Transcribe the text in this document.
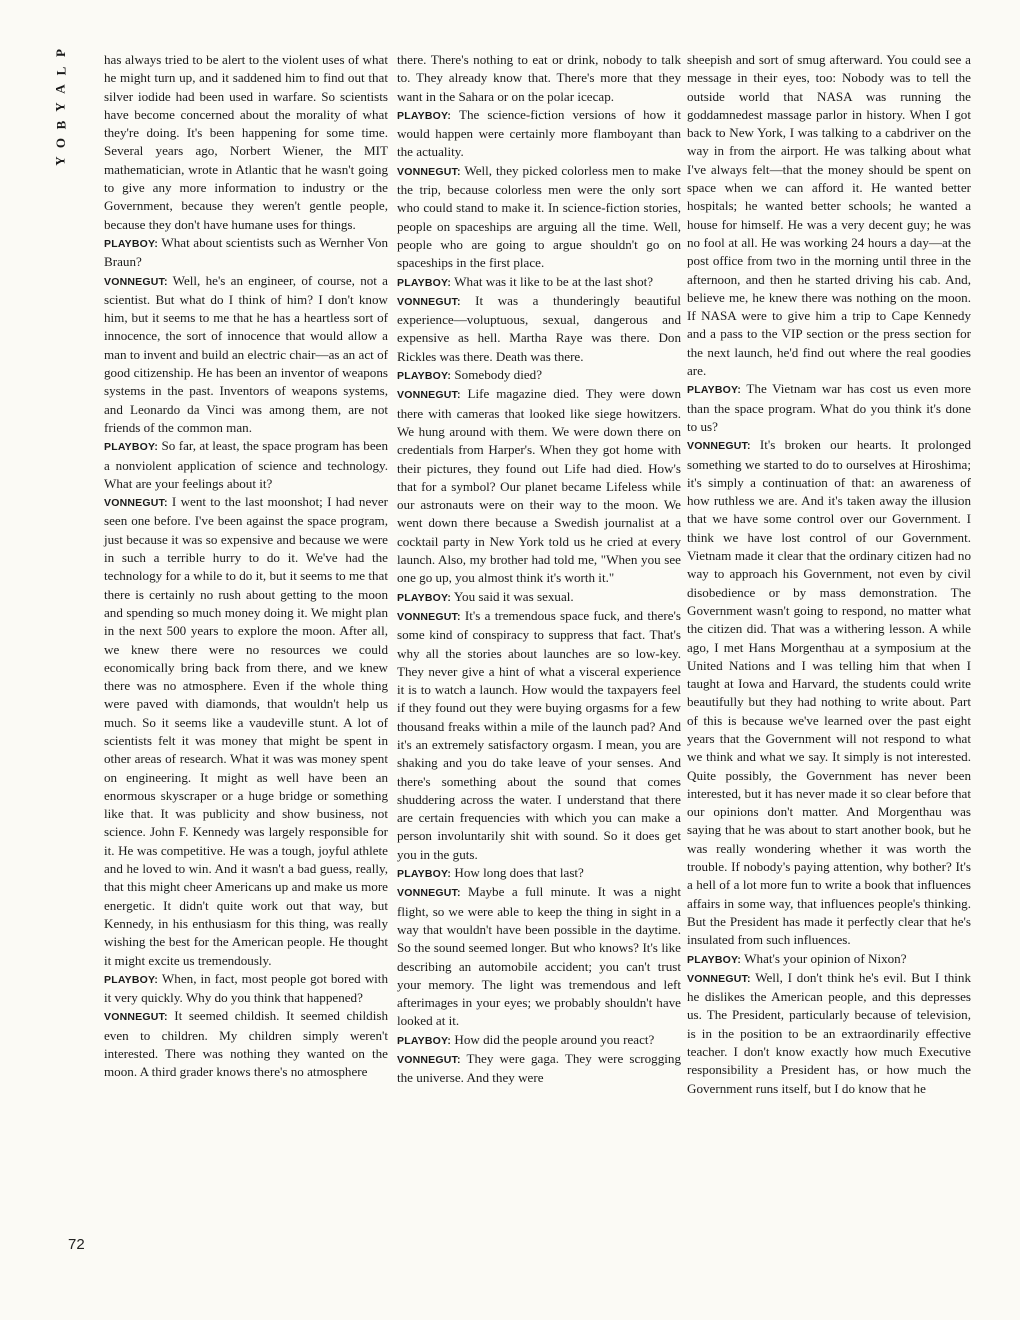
P
L
A
Y
B
O
Y

has always tried to be alert to the violent uses of what he might turn up, and it saddened him to find out that silver iodide had been used in warfare. So scientists have become concerned about the morality of what they're doing. It's been happening for some time. Several years ago, Norbert Wiener, the MIT mathematician, wrote in Atlantic that he wasn't going to give any more information to industry or the Government, because they weren't gentle people, because they don't have humane uses for things.

PLAYBOY: What about scientists such as Wernher Von Braun?

VONNEGUT: Well, he's an engineer, of course, not a scientist. But what do I think of him? I don't know him, but it seems to me that he has a heartless sort of innocence, the sort of innocence that would allow a man to invent and build an electric chair—as an act of good citizenship. He has been an inventor of weapons systems in the past. Inventors of weapons systems, and Leonardo da Vinci was among them, are not friends of the common man.

PLAYBOY: So far, at least, the space program has been a nonviolent application of science and technology. What are your feelings about it?

VONNEGUT: I went to the last moonshot; I had never seen one before. I've been against the space program, just because it was so expensive and because we were in such a terrible hurry to do it. We've had the technology for a while to do it, but it seems to me that there is certainly no rush about getting to the moon and spending so much money doing it. We might plan in the next 500 years to explore the moon. After all, we knew there were no resources we could economically bring back from there, and we knew there was no atmosphere. Even if the whole thing were paved with diamonds, that wouldn't help us much. So it seems like a vaudeville stunt. A lot of scientists felt it was money that might be spent in other areas of research. What it was was money spent on engineering. It might as well have been an enormous skyscraper or a huge bridge or something like that. It was publicity and show business, not science. John F. Kennedy was largely responsible for it. He was competitive. He was a tough, joyful athlete and he loved to win. And it wasn't a bad guess, really, that this might cheer Americans up and make us more energetic. It didn't quite work out that way, but Kennedy, in his enthusiasm for this thing, was really wishing the best for the American people. He thought it might excite us tremendously.

PLAYBOY: When, in fact, most people got bored with it very quickly. Why do you think that happened?

VONNEGUT: It seemed childish. It seemed childish even to children. My children simply weren't interested. There was nothing they wanted on the moon. A third grader knows there's no atmosphere

there. There's nothing to eat or drink, nobody to talk to. They already know that. There's more that they want in the Sahara or on the polar icecap.

PLAYBOY: The science-fiction versions of how it would happen were certainly more flamboyant than the actuality.

VONNEGUT: Well, they picked colorless men to make the trip, because colorless men were the only sort who could stand to make it. In science-fiction stories, people on spaceships are arguing all the time. Well, people who are going to argue shouldn't go on spaceships in the first place.

PLAYBOY: What was it like to be at the last shot?

VONNEGUT: It was a thunderingly beautiful experience—voluptuous, sexual, dangerous and expensive as hell. Martha Raye was there. Don Rickles was there. Death was there.

PLAYBOY: Somebody died?

VONNEGUT: Life magazine died. They were down there with cameras that looked like siege howitzers. We hung around with them. We were down there on credentials from Harper's. When they got home with their pictures, they found out Life had died. How's that for a symbol? Our planet became Lifeless while our astronauts were on their way to the moon. We went down there because a Swedish journalist at a cocktail party in New York told us he cried at every launch. Also, my brother had told me, "When you see one go up, you almost think it's worth it."

PLAYBOY: You said it was sexual.

VONNEGUT: It's a tremendous space fuck, and there's some kind of conspiracy to suppress that fact. That's why all the stories about launches are so low-key. They never give a hint of what a visceral experience it is to watch a launch. How would the taxpayers feel if they found out they were buying orgasms for a few thousand freaks within a mile of the launch pad? And it's an extremely satisfactory orgasm. I mean, you are shaking and you do take leave of your senses. And there's something about the sound that comes shuddering across the water. I understand that there are certain frequencies with which you can make a person involuntarily shit with sound. So it does get you in the guts.

PLAYBOY: How long does that last?

VONNEGUT: Maybe a full minute. It was a night flight, so we were able to keep the thing in sight in a way that wouldn't have been possible in the daytime. So the sound seemed longer. But who knows? It's like describing an automobile accident; you can't trust your memory. The light was tremendous and left afterimages in your eyes; we probably shouldn't have looked at it.

PLAYBOY: How did the people around you react?

VONNEGUT: They were gaga. They were scrogging the universe. And they were

sheepish and sort of smug afterward. You could see a message in their eyes, too: Nobody was to tell the outside world that NASA was running the goddamnedest massage parlor in history. When I got back to New York, I was talking to a cabdriver on the way in from the airport. He was talking about what I've always felt—that the money should be spent on space when we can afford it. He wanted better hospitals; he wanted better schools; he wanted a house for himself. He was a very decent guy; he was no fool at all. He was working 24 hours a day—at the post office from two in the morning until three in the afternoon, and then he started driving his cab. And, believe me, he knew there was nothing on the moon. If NASA were to give him a trip to Cape Kennedy and a pass to the VIP section or the press section for the next launch, he'd find out where the real goodies are.

PLAYBOY: The Vietnam war has cost us even more than the space program. What do you think it's done to us?

VONNEGUT: It's broken our hearts. It prolonged something we started to do to ourselves at Hiroshima; it's simply a continuation of that: an awareness of how ruthless we are. And it's taken away the illusion that we have some control over our Government. I think we have lost control of our Government. Vietnam made it clear that the ordinary citizen had no way to approach his Government, not even by civil disobedience or by mass demonstration. The Government wasn't going to respond, no matter what the citizen did. That was a withering lesson. A while ago, I met Hans Morgenthau at a symposium at the United Nations and I was telling him that when I taught at Iowa and Harvard, the students could write beautifully but they had nothing to write about. Part of this is because we've learned over the past eight years that the Government will not respond to what we think and what we say. It simply is not interested. Quite possibly, the Government has never been interested, but it has never made it so clear before that our opinions don't matter. And Morgenthau was saying that he was about to start another book, but he was really wondering whether it was worth the trouble. If nobody's paying attention, why bother? It's a hell of a lot more fun to write a book that influences affairs in some way, that influences people's thinking. But the President has made it perfectly clear that he's insulated from such influences.

PLAYBOY: What's your opinion of Nixon?

VONNEGUT: Well, I don't think he's evil. But I think he dislikes the American people, and this depresses us. The President, particularly because of television, is in the position to be an extraordinarily effective teacher. I don't know exactly how much Executive responsibility a President has, or how much the Government runs itself, but I do know that he

72
